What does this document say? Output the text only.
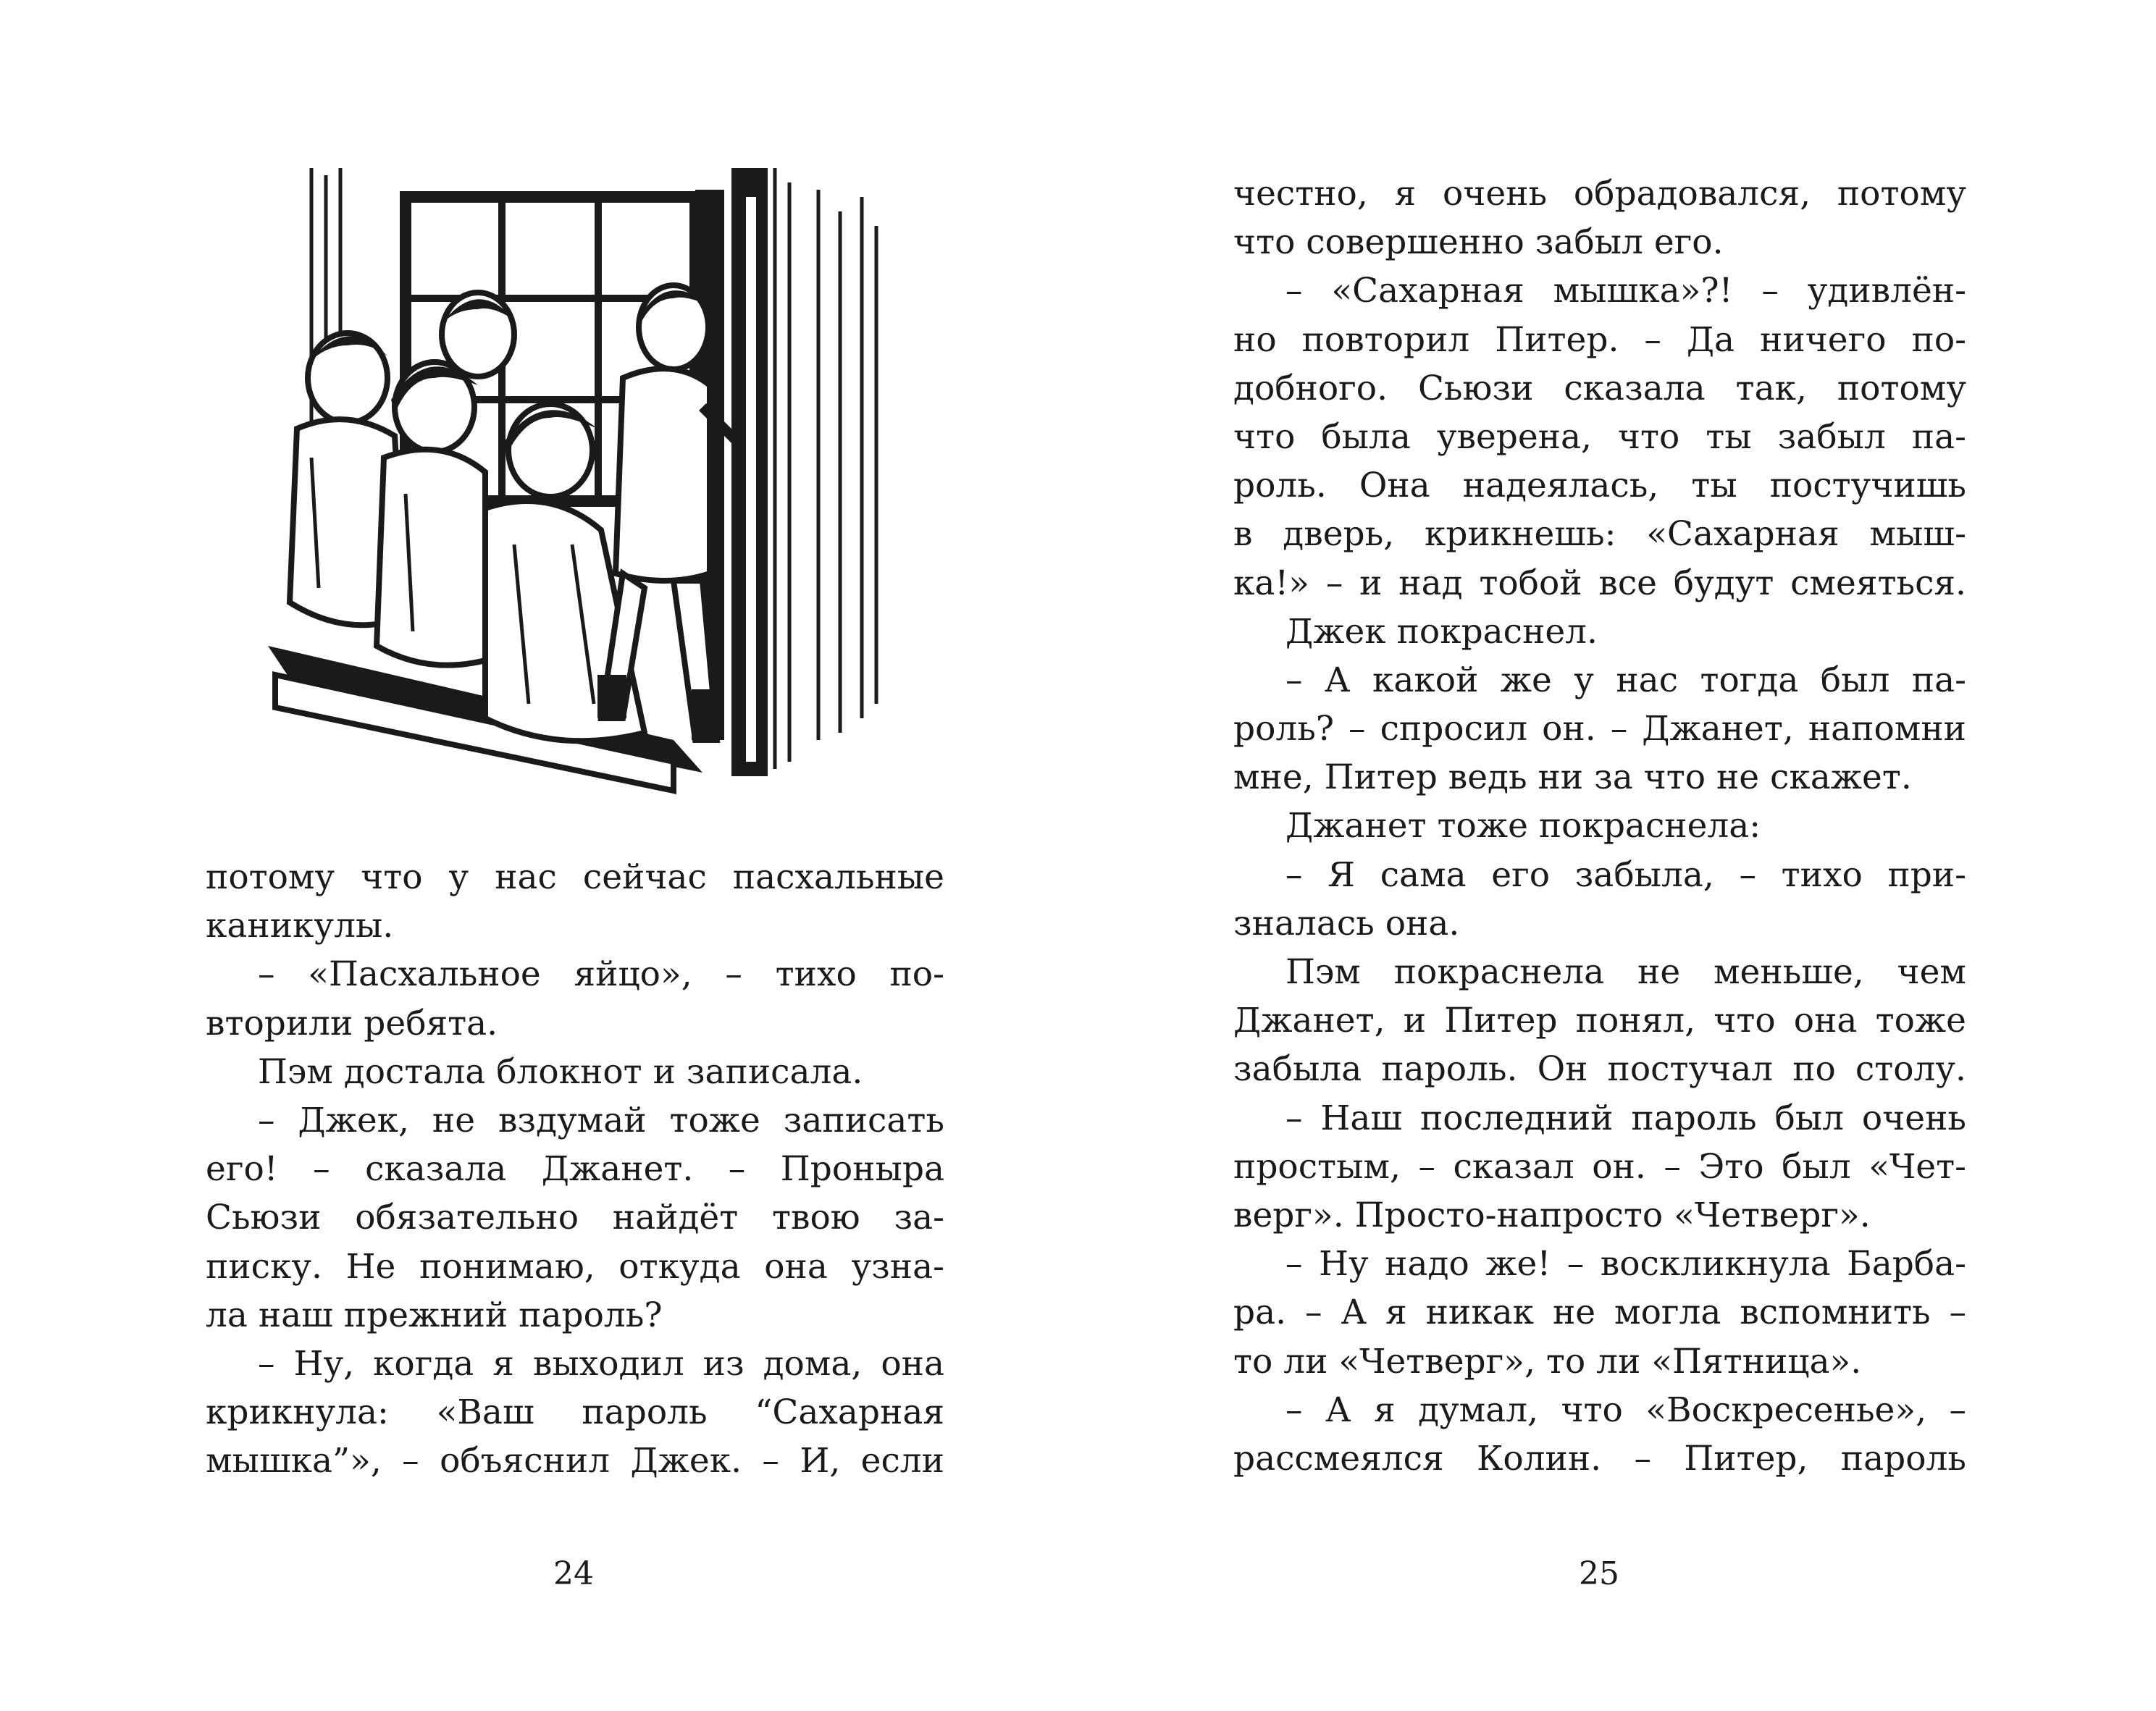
потому что у нас сейчас пасхальные
каникулы.
– «Пасхальное яйцо», – тихо по-
вторили ребята.
Пэм достала блокнот и записала.
– Джек, не вздумай тоже записать
его! – сказала Джанет. – Проныра
Сьюзи обязательно найдёт твою за-
писку. Не понимаю, откуда она узна-
ла наш прежний пароль?
– Ну, когда я выходил из дома, она
крикнула: «Ваш пароль “Сахарная
мышка”», – объяснил Джек. – И, если
24
честно, я очень обрадовался, потому
что совершенно забыл его.
– «Сахарная мышка»?! – удивлён-
но повторил Питер. – Да ничего по-
добного. Сьюзи сказала так, потому
что была уверена, что ты забыл па-
роль. Она надеялась, ты постучишь
в дверь, крикнешь: «Сахарная мыш-
ка!» – и над тобой все будут смеяться.
Джек покраснел.
– А какой же у нас тогда был па-
роль? – спросил он. – Джанет, напомни
мне, Питер ведь ни за что не скажет.
Джанет тоже покраснела:
– Я сама его забыла, – тихо при-
зналась она.
Пэм покраснела не меньше, чем
Джанет, и Питер понял, что она тоже
забыла пароль. Он постучал по столу.
– Наш последний пароль был очень
простым, – сказал он. – Это был «Чет-
верг». Просто-напросто «Четверг».
– Ну надо же! – воскликнула Барба-
ра. – А я никак не могла вспомнить –
то ли «Четверг», то ли «Пятница».
– А я думал, что «Воскресенье», –
рассмеялся Колин. – Питер, пароль
25
